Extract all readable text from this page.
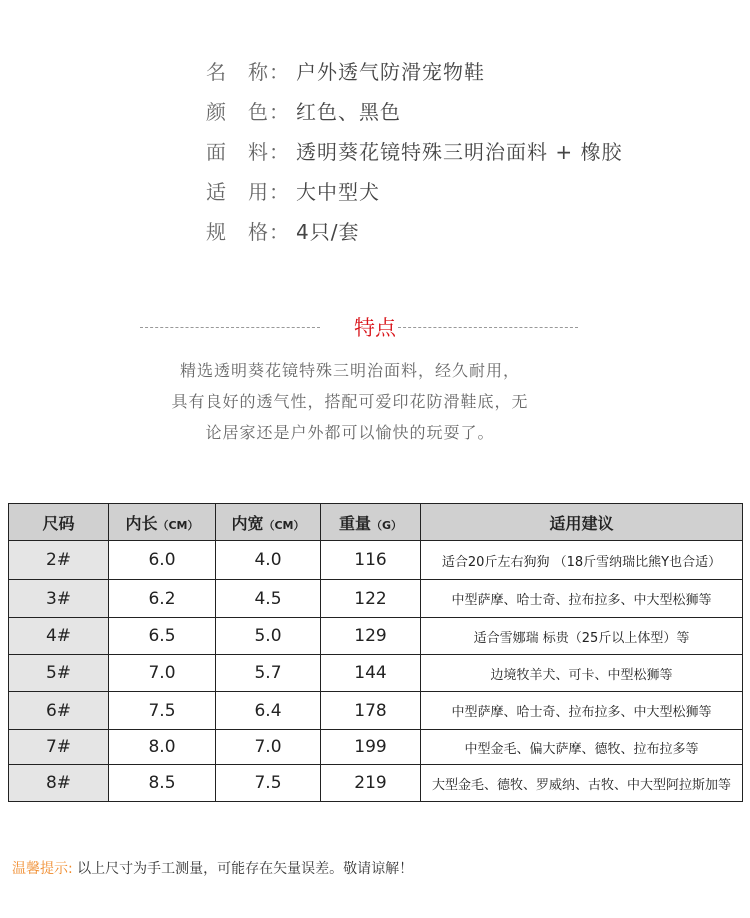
名　称： 户外透气防滑宠物鞋
颜　色： 红色、黑色
面　料： 透明葵花镜特殊三明治面料 + 橡胶
适　用： 大中型犬
规　格： 4只/套
特点
精选透明葵花镜特殊三明治面料，经久耐用，
具有良好的透气性，搭配可爱印花防滑鞋底，无
论居家还是户外都可以愉快的玩耍了。
尺码	内长（CM）	内宽（CM）	重量（G）	适用建议
2#	6.0	4.0	116	适合20斤左右狗狗 （18斤雪纳瑞比熊Y也合适）
3#	6.2	4.5	122	中型萨摩、哈士奇、拉布拉多、中大型松狮等
4#	6.5	5.0	129	适合雪娜瑞 标贵（25斤以上体型）等
5#	7.0	5.7	144	边境牧羊犬、可卡、中型松狮等
6#	7.5	6.4	178	中型萨摩、哈士奇、拉布拉多、中大型松狮等
7#	8.0	7.0	199	中型金毛、偏大萨摩、德牧、拉布拉多等
8#	8.5	7.5	219	大型金毛、德牧、罗威纳、古牧、中大型阿拉斯加等
温馨提示: 以上尺寸为手工测量，可能存在矢量误差。敬请谅解！
